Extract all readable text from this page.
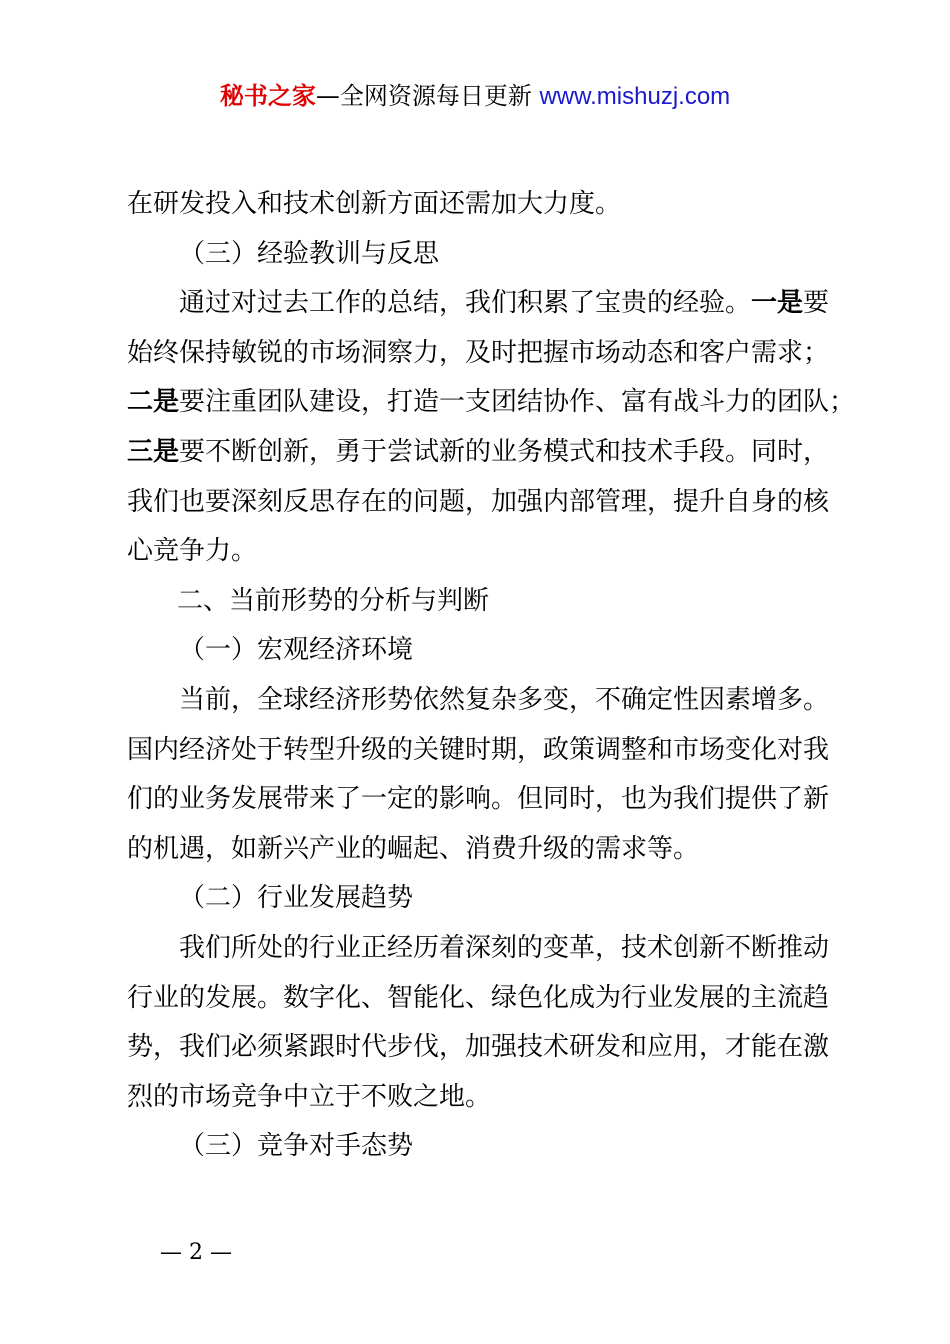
秘书之家—全网资源每日更新 www.mishuzj.com
在研发投入和技术创新方面还需加大力度。
（三）经验教训与反思
通过对过去工作的总结，我们积累了宝贵的经验。一是要
始终保持敏锐的市场洞察力，及时把握市场动态和客户需求；
二是要注重团队建设，打造一支团结协作、富有战斗力的团队；
三是要不断创新，勇于尝试新的业务模式和技术手段。同时，
我们也要深刻反思存在的问题，加强内部管理，提升自身的核
心竞争力。
二、当前形势的分析与判断
（一）宏观经济环境
当前，全球经济形势依然复杂多变，不确定性因素增多。
国内经济处于转型升级的关键时期，政策调整和市场变化对我
们的业务发展带来了一定的影响。但同时，也为我们提供了新
的机遇，如新兴产业的崛起、消费升级的需求等。
（二）行业发展趋势
我们所处的行业正经历着深刻的变革，技术创新不断推动
行业的发展。数字化、智能化、绿色化成为行业发展的主流趋
势，我们必须紧跟时代步伐，加强技术研发和应用，才能在激
烈的市场竞争中立于不败之地。
（三）竞争对手态势
— 2 —
